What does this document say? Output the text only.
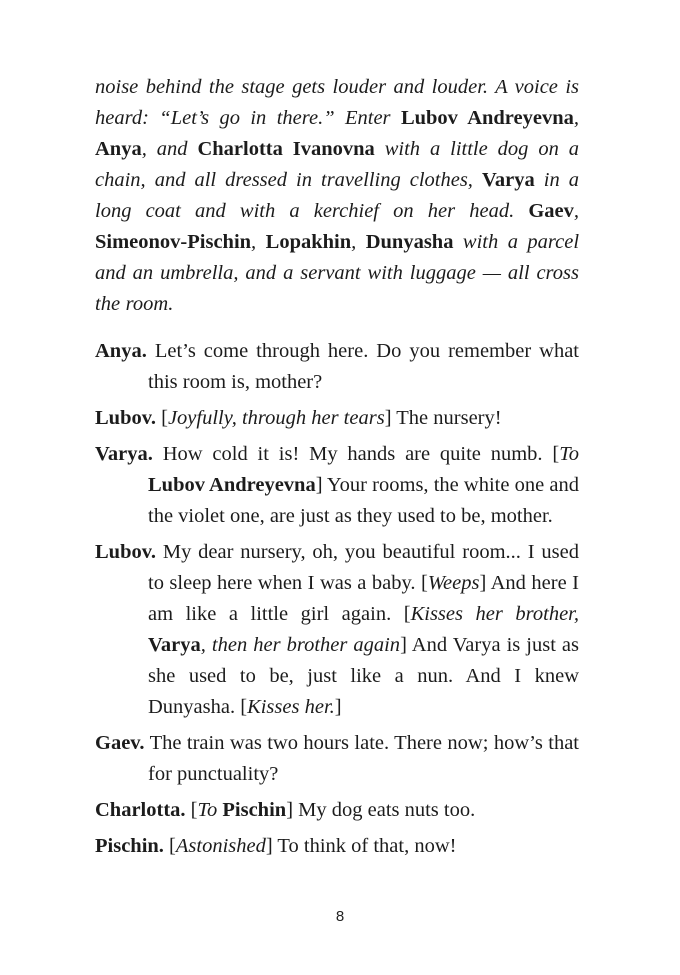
noise behind the stage gets louder and louder. A voice is heard: “Let’s go in there.” Enter Lubov Andreyevna, Anya, and Charlotta Ivanovna with a little dog on a chain, and all dressed in travelling clothes, Varya in a long coat and with a kerchief on her head. Gaev, Simeonov-Pischin, Lopakhin, Dunyasha with a parcel and an umbrella, and a servant with luggage — all cross the room.

Anya. Let’s come through here. Do you remember what this room is, mother?

Lubov. [Joyfully, through her tears] The nursery!

Varya. How cold it is! My hands are quite numb. [To Lubov Andreyevna] Your rooms, the white one and the violet one, are just as they used to be, mother.

Lubov. My dear nursery, oh, you beautiful room... I used to sleep here when I was a baby. [Weeps] And here I am like a little girl again. [Kisses her brother, Varya, then her brother again] And Varya is just as she used to be, just like a nun. And I knew Dunyasha. [Kisses her.]

Gaev. The train was two hours late. There now; how’s that for punctuality?

Charlotta. [To Pischin] My dog eats nuts too.

Pischin. [Astonished] To think of that, now!

8
